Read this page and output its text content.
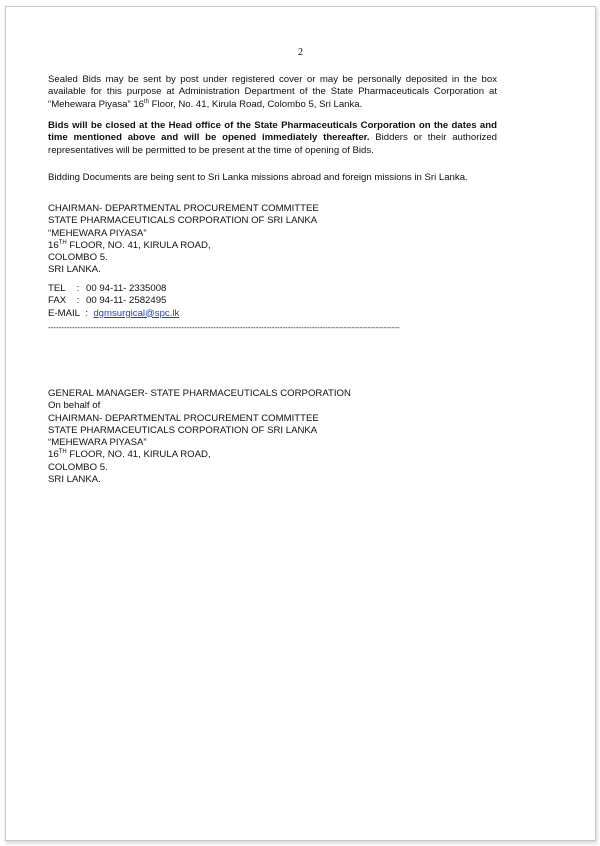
2
Sealed Bids may be sent by post under registered cover or may be personally deposited in the box available for this purpose at Administration Department of the State Pharmaceuticals Corporation at “Mehewara Piyasa” 16th Floor, No. 41, Kirula Road, Colombo 5, Sri Lanka.
Bids will be closed at the Head office of the State Pharmaceuticals Corporation on the dates and time mentioned above and will be opened immediately thereafter. Bidders or their authorized representatives will be permitted to be present at the time of opening of Bids.
Bidding Documents are being sent to Sri Lanka missions abroad and foreign missions in Sri Lanka.
CHAIRMAN- DEPARTMENTAL PROCUREMENT COMMITTEE
STATE PHARMACEUTICALS CORPORATION OF SRI LANKA
“MEHEWARA PIYASA”
16TH FLOOR, NO. 41, KIRULA ROAD,
COLOMBO 5.
SRI LANKA.
TEL : 00 94-11- 2335008
FAX : 00 94-11- 2582495
E-MAIL  :  dgmsurgical@spc.lk
------------------------------------------------------------------------------------------------------------------------------------
GENERAL MANAGER- STATE PHARMACEUTICALS CORPORATION
On behalf of
CHAIRMAN- DEPARTMENTAL PROCUREMENT COMMITTEE
STATE PHARMACEUTICALS CORPORATION OF SRI LANKA
“MEHEWARA PIYASA”
16TH FLOOR, NO. 41, KIRULA ROAD,
COLOMBO 5.
SRI LANKA.
